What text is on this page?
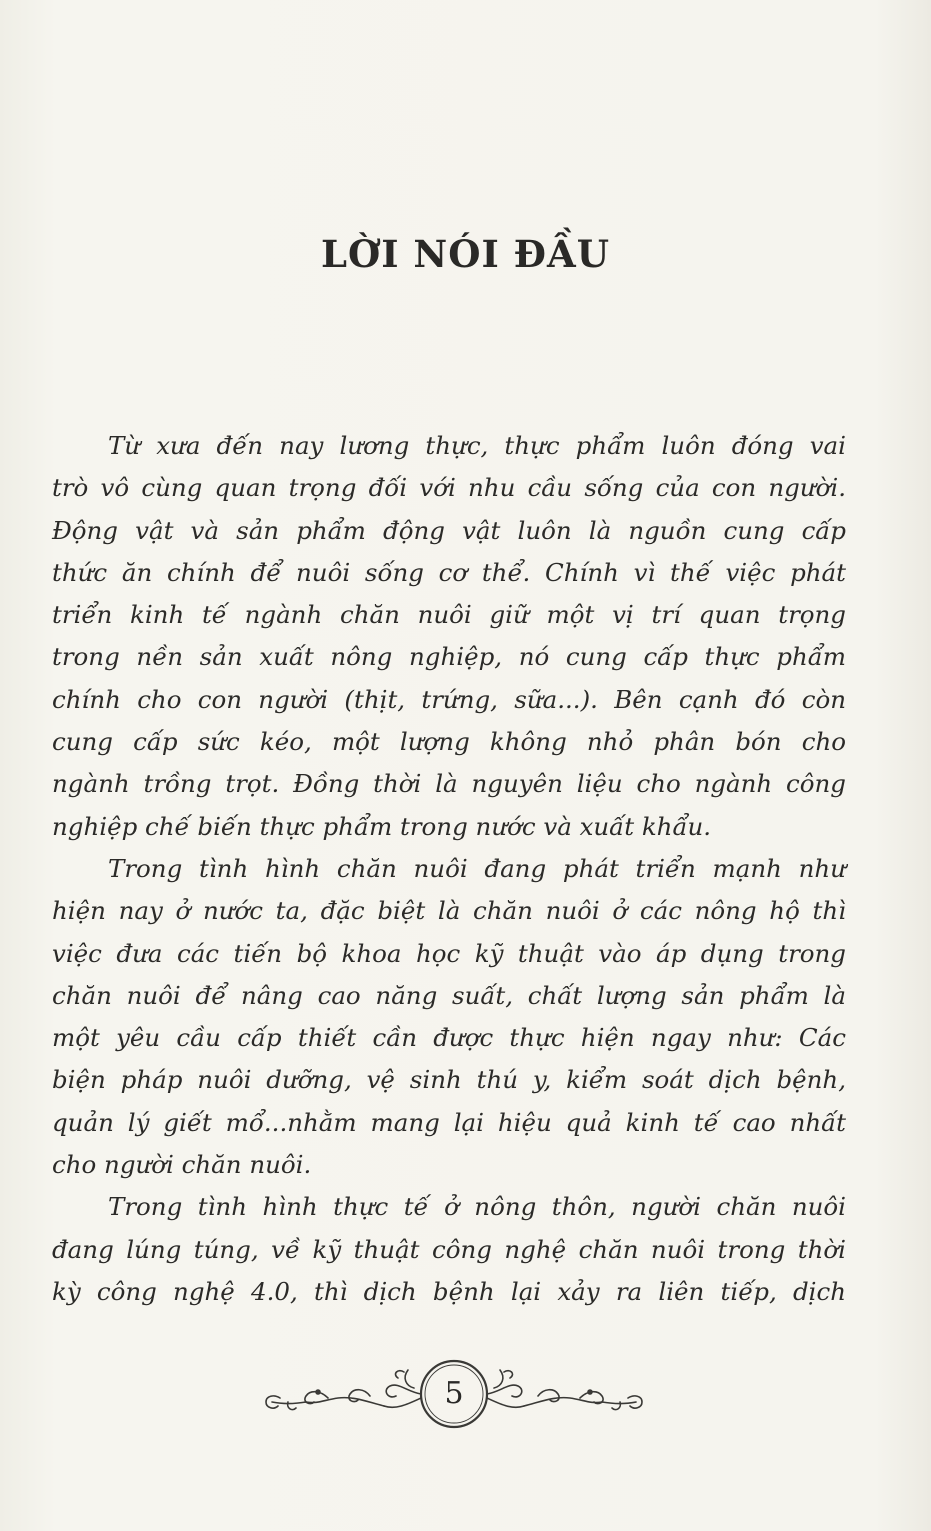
LỜI NÓI ĐẦU
Từ xưa đến nay lương thực, thực phẩm luôn đóng vai
trò vô cùng quan trọng đối với nhu cầu sống của con người.
Động vật và sản phẩm động vật luôn là nguồn cung cấp
thức ăn chính để nuôi sống cơ thể. Chính vì thế việc phát
triển kinh tế ngành chăn nuôi giữ một vị trí quan trọng
trong nền sản xuất nông nghiệp, nó cung cấp thực phẩm
chính cho con người (thịt, trứng, sữa...). Bên cạnh đó còn
cung cấp sức kéo, một lượng không nhỏ phân bón cho
ngành trồng trọt. Đồng thời là nguyên liệu cho ngành công
nghiệp chế biến thực phẩm trong nước và xuất khẩu.
Trong tình hình chăn nuôi đang phát triển mạnh như
hiện nay ở nước ta, đặc biệt là chăn nuôi ở các nông hộ thì
việc đưa các tiến bộ khoa học kỹ thuật vào áp dụng trong
chăn nuôi để nâng cao năng suất, chất lượng sản phẩm là
một yêu cầu cấp thiết cần được thực hiện ngay như: Các
biện pháp nuôi dưỡng, vệ sinh thú y, kiểm soát dịch bệnh,
quản lý giết mổ...nhằm mang lại hiệu quả kinh tế cao nhất
cho người chăn nuôi.
Trong tình hình thực tế ở nông thôn, người chăn nuôi
đang lúng túng, về kỹ thuật công nghệ chăn nuôi trong thời
kỳ công nghệ 4.0, thì dịch bệnh lại xảy ra liên tiếp, dịch
5
